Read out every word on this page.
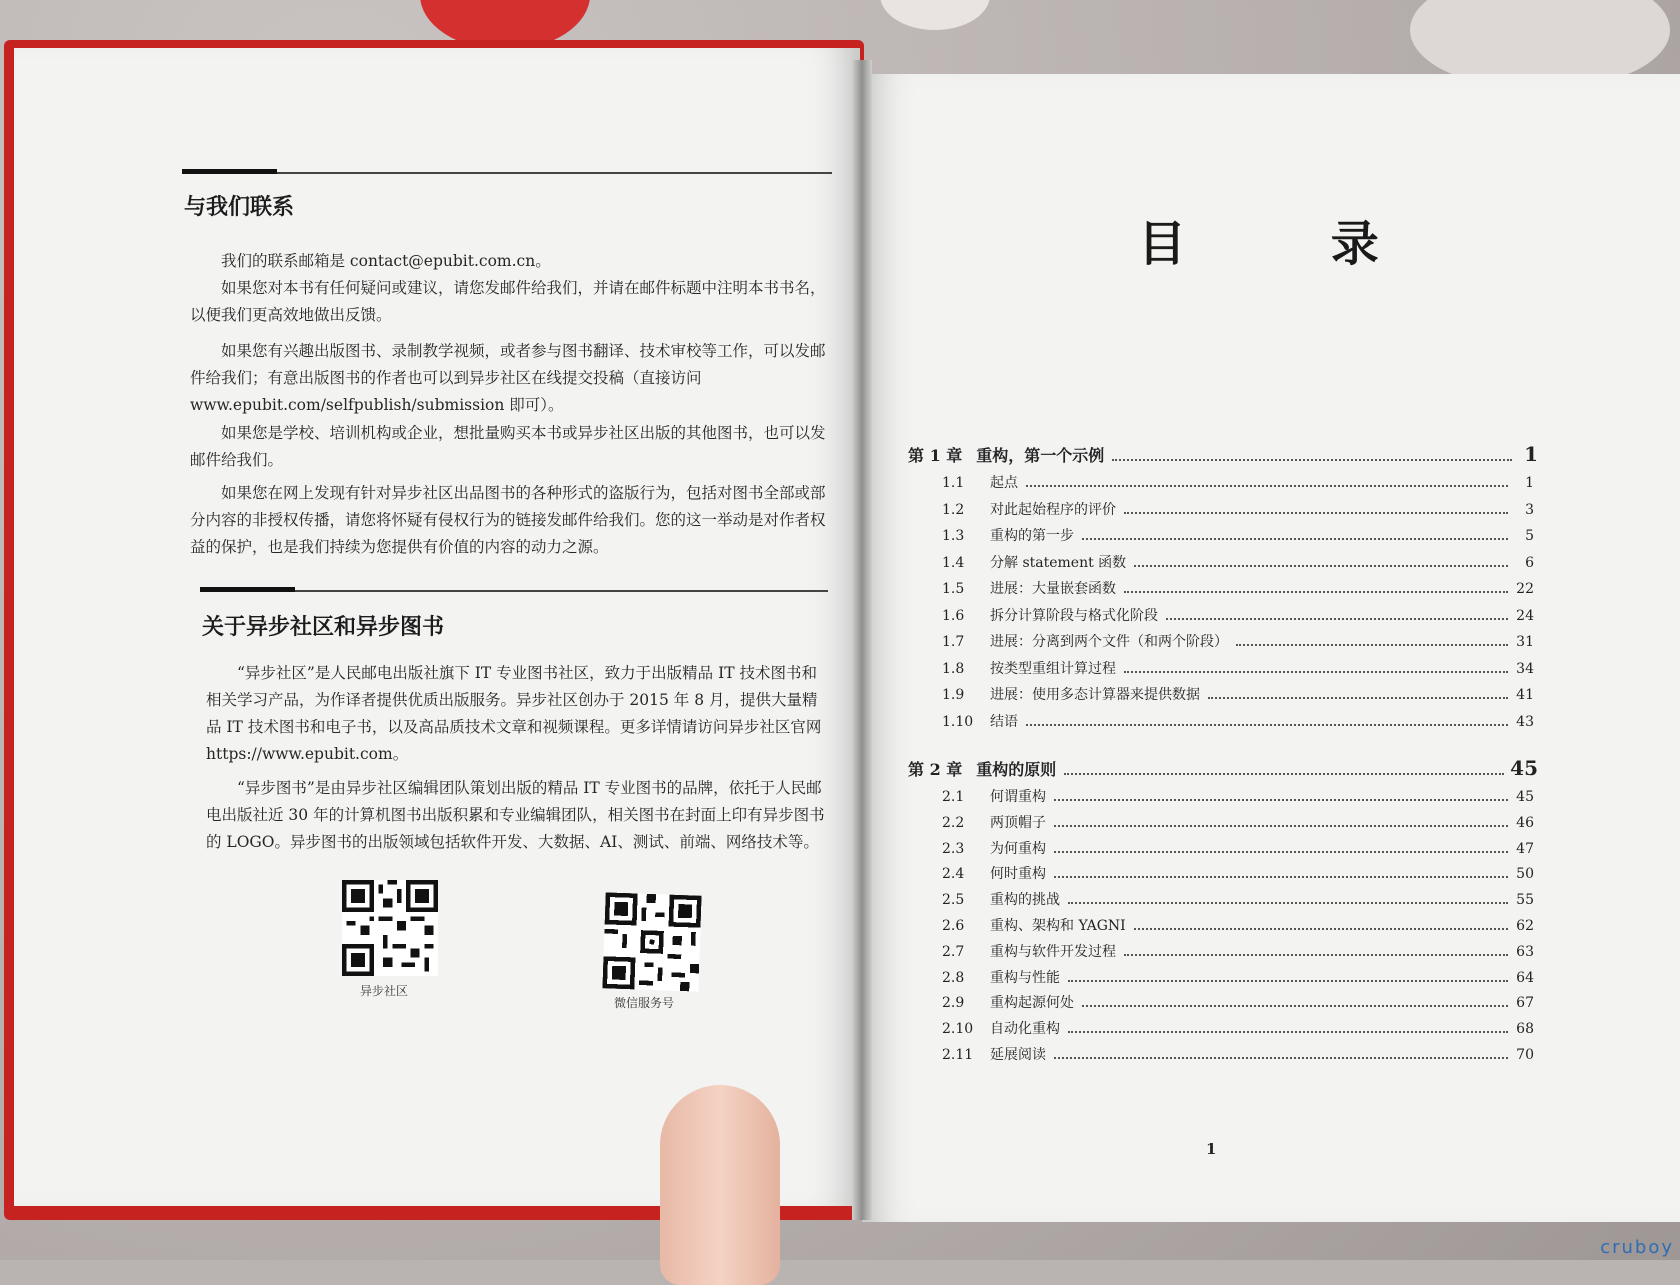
与我们联系

我们的联系邮箱是 contact@epubit.com.cn。

如果您对本书有任何疑问或建议，请您发邮件给我们，并请在邮件标题中注明本书书名，以便我们更高效地做出反馈。

如果您有兴趣出版图书、录制教学视频，或者参与图书翻译、技术审校等工作，可以发邮件给我们；有意出版图书的作者也可以到异步社区在线提交投稿（直接访问 www.epubit.com/selfpublish/submission 即可）。

如果您是学校、培训机构或企业，想批量购买本书或异步社区出版的其他图书，也可以发邮件给我们。

如果您在网上发现有针对异步社区出品图书的各种形式的盗版行为，包括对图书全部或部分内容的非授权传播，请您将怀疑有侵权行为的链接发邮件给我们。您的这一举动是对作者权益的保护，也是我们持续为您提供有价值的内容的动力之源。

关于异步社区和异步图书

“异步社区”是人民邮电出版社旗下 IT 专业图书社区，致力于出版精品 IT 技术图书和相关学习产品，为作译者提供优质出版服务。异步社区创办于 2015 年 8 月，提供大量精品 IT 技术图书和电子书，以及高品质技术文章和视频课程。更多详情请访问异步社区官网 https://www.epubit.com。

“异步图书”是由异步社区编辑团队策划出版的精品 IT 专业图书的品牌，依托于人民邮电出版社近 30 年的计算机图书出版积累和专业编辑团队，相关图书在封面上印有异步图书的 LOGO。异步图书的出版领域包括软件开发、大数据、AI、测试、前端、网络技术等。

异步社区
微信服务号
目 录
第 1 章 重构，第一个示例	1
1.1	起点	1
1.2	对此起始程序的评价	3
1.3	重构的第一步	5
1.4	分解 statement 函数	6
1.5	进展：大量嵌套函数	22
1.6	拆分计算阶段与格式化阶段	24
1.7	进展：分离到两个文件（和两个阶段）	31
1.8	按类型重组计算过程	34
1.9	进展：使用多态计算器来提供数据	41
1.10 结语	43
第 2 章 重构的原则	45
2.1	何谓重构	45
2.2	两顶帽子	46
2.3	为何重构	47
2.4	何时重构	50
2.5	重构的挑战	55
2.6	重构、架构和 YAGNI	62
2.7	重构与软件开发过程	63
2.8	重构与性能	64
2.9	重构起源何处	67
2.10 自动化重构	68
2.11 延展阅读	70
1
cruboy
